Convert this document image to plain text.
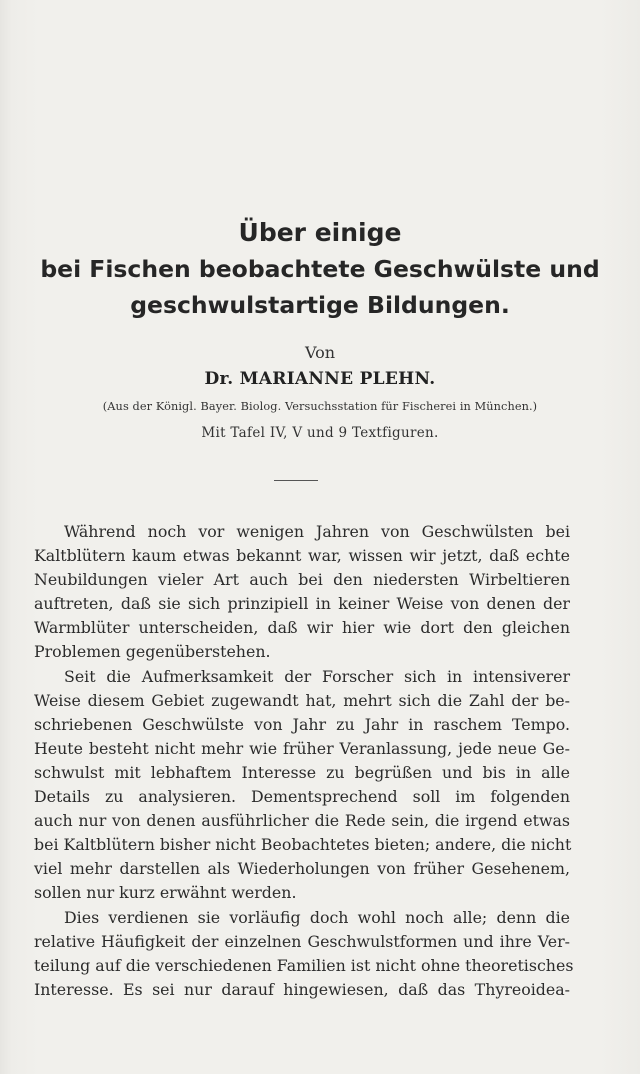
Über einige
bei Fischen beobachtete Geschwülste und
geschwulstartige Bildungen.
Von
Dr. MARIANNE PLEHN.
(Aus der Königl. Bayer. Biolog. Versuchsstation für Fischerei in München.)
Mit Tafel IV, V und 9 Textfiguren.
Während noch vor wenigen Jahren von Geschwülsten bei
Kaltblütern kaum etwas bekannt war, wissen wir jetzt, daß echte
Neubildungen vieler Art auch bei den niedersten Wirbeltieren
auftreten, daß sie sich prinzipiell in keiner Weise von denen der
Warmblüter unterscheiden, daß wir hier wie dort den gleichen
Problemen gegenüberstehen.
Seit die Aufmerksamkeit der Forscher sich in intensiverer
Weise diesem Gebiet zugewandt hat, mehrt sich die Zahl der be-
schriebenen Geschwülste von Jahr zu Jahr in raschem Tempo.
Heute besteht nicht mehr wie früher Veranlassung, jede neue Ge-
schwulst mit lebhaftem Interesse zu begrüßen und bis in alle
Details zu analysieren. Dementsprechend soll im folgenden
auch nur von denen ausführlicher die Rede sein, die irgend etwas
bei Kaltblütern bisher nicht Beobachtetes bieten; andere, die nicht
viel mehr darstellen als Wiederholungen von früher Gesehenem,
sollen nur kurz erwähnt werden.
Dies verdienen sie vorläufig doch wohl noch alle; denn die
relative Häufigkeit der einzelnen Geschwulstformen und ihre Ver-
teilung auf die verschiedenen Familien ist nicht ohne theoretisches
Interesse. Es sei nur darauf hingewiesen, daß das Thyreoidea-
